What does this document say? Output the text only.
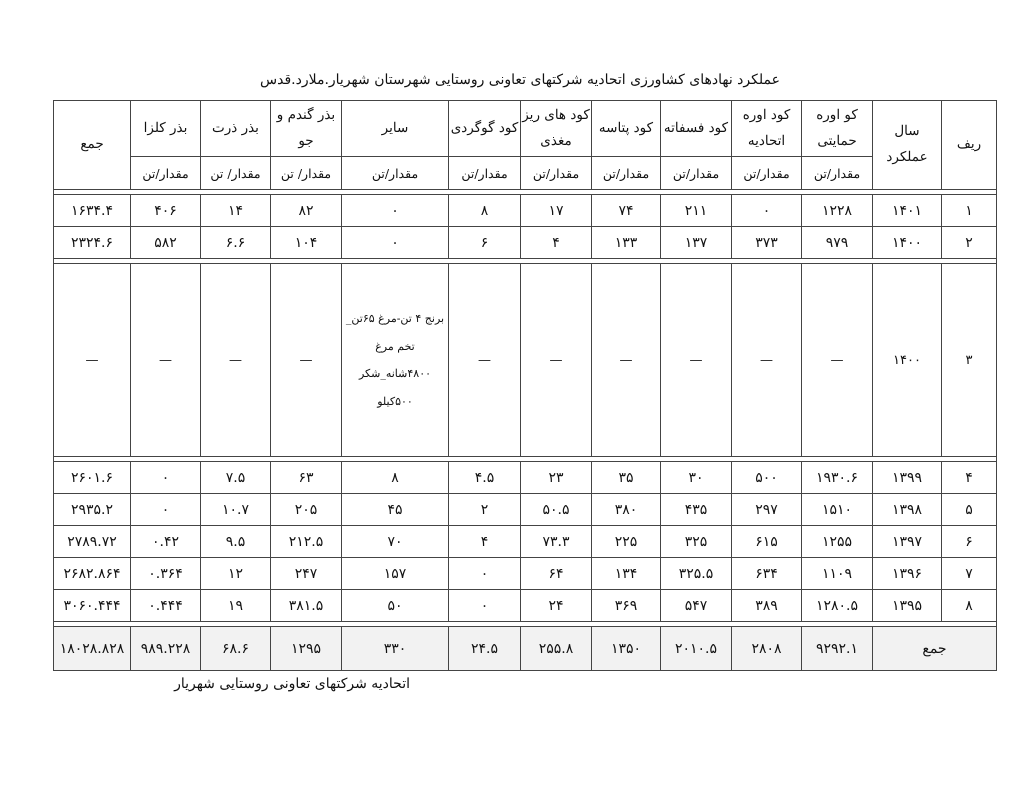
عملکرد نهادهای کشاورزی اتحادیه شرکتهای تعاونی روستایی شهرستان شهریار.ملارد.قدس
ریف	سال عملکرد	کو اوره حمایتی	کود اوره اتحادیه	کود فسفاته	کود پتاسه	کود های ریز مغذی	کود گوگردی	سایر	بذر گندم و جو	بذر ذرت	بذر کلزا	جمع
		مقدار/تن	مقدار/تن	مقدار/تن	مقدار/تن	مقدار/تن	مقدار/تن	مقدار/تن	مقدار/ تن	مقدار/ تن	مقدار/تن	

۱	۱۴۰۱	۱۲۲۸	۰	۲۱۱	۷۴	۱۷	۸	۰	۸۲	۱۴	۴۰۶	۱۶۳۴.۴
۲	۱۴۰۰	۹۷۹	۳۷۳	۱۳۷	۱۳۳	۴	۶	۰	۱۰۴	۶.۶	۵۸۲	۲۳۲۴.۶

۳	۱۴۰۰	—	—	—	—	—	—	برنج ۴ تن-مرغ ۶۵تن_ تخم مرغ ۴۸۰۰شانه_شکر ۵۰۰کیلو	—	—	—	—

۴	۱۳۹۹	۱۹۳۰.۶	۵۰۰	۳۰	۳۵	۲۳	۴.۵	۸	۶۳	۷.۵	۰	۲۶۰۱.۶
۵	۱۳۹۸	۱۵۱۰	۲۹۷	۴۳۵	۳۸۰	۵۰.۵	۲	۴۵	۲۰۵	۱۰.۷	۰	۲۹۳۵.۲
۶	۱۳۹۷	۱۲۵۵	۶۱۵	۳۲۵	۲۲۵	۷۳.۳	۴	۷۰	۲۱۲.۵	۹.۵	۰.۴۲	۲۷۸۹.۷۲
۷	۱۳۹۶	۱۱۰۹	۶۳۴	۳۲۵.۵	۱۳۴	۶۴	۰	۱۵۷	۲۴۷	۱۲	۰.۳۶۴	۲۶۸۲.۸۶۴
۸	۱۳۹۵	۱۲۸۰.۵	۳۸۹	۵۴۷	۳۶۹	۲۴	۰	۵۰	۳۸۱.۵	۱۹	۰.۴۴۴	۳۰۶۰.۴۴۴

جمع		۹۲۹۲.۱	۲۸۰۸	۲۰۱۰.۵	۱۳۵۰	۲۵۵.۸	۲۴.۵	۳۳۰	۱۲۹۵	۶۸.۶	۹۸۹.۲۲۸	۱۸۰۲۸.۸۲۸
اتحادیه شرکتهای تعاونی روستایی شهریار
